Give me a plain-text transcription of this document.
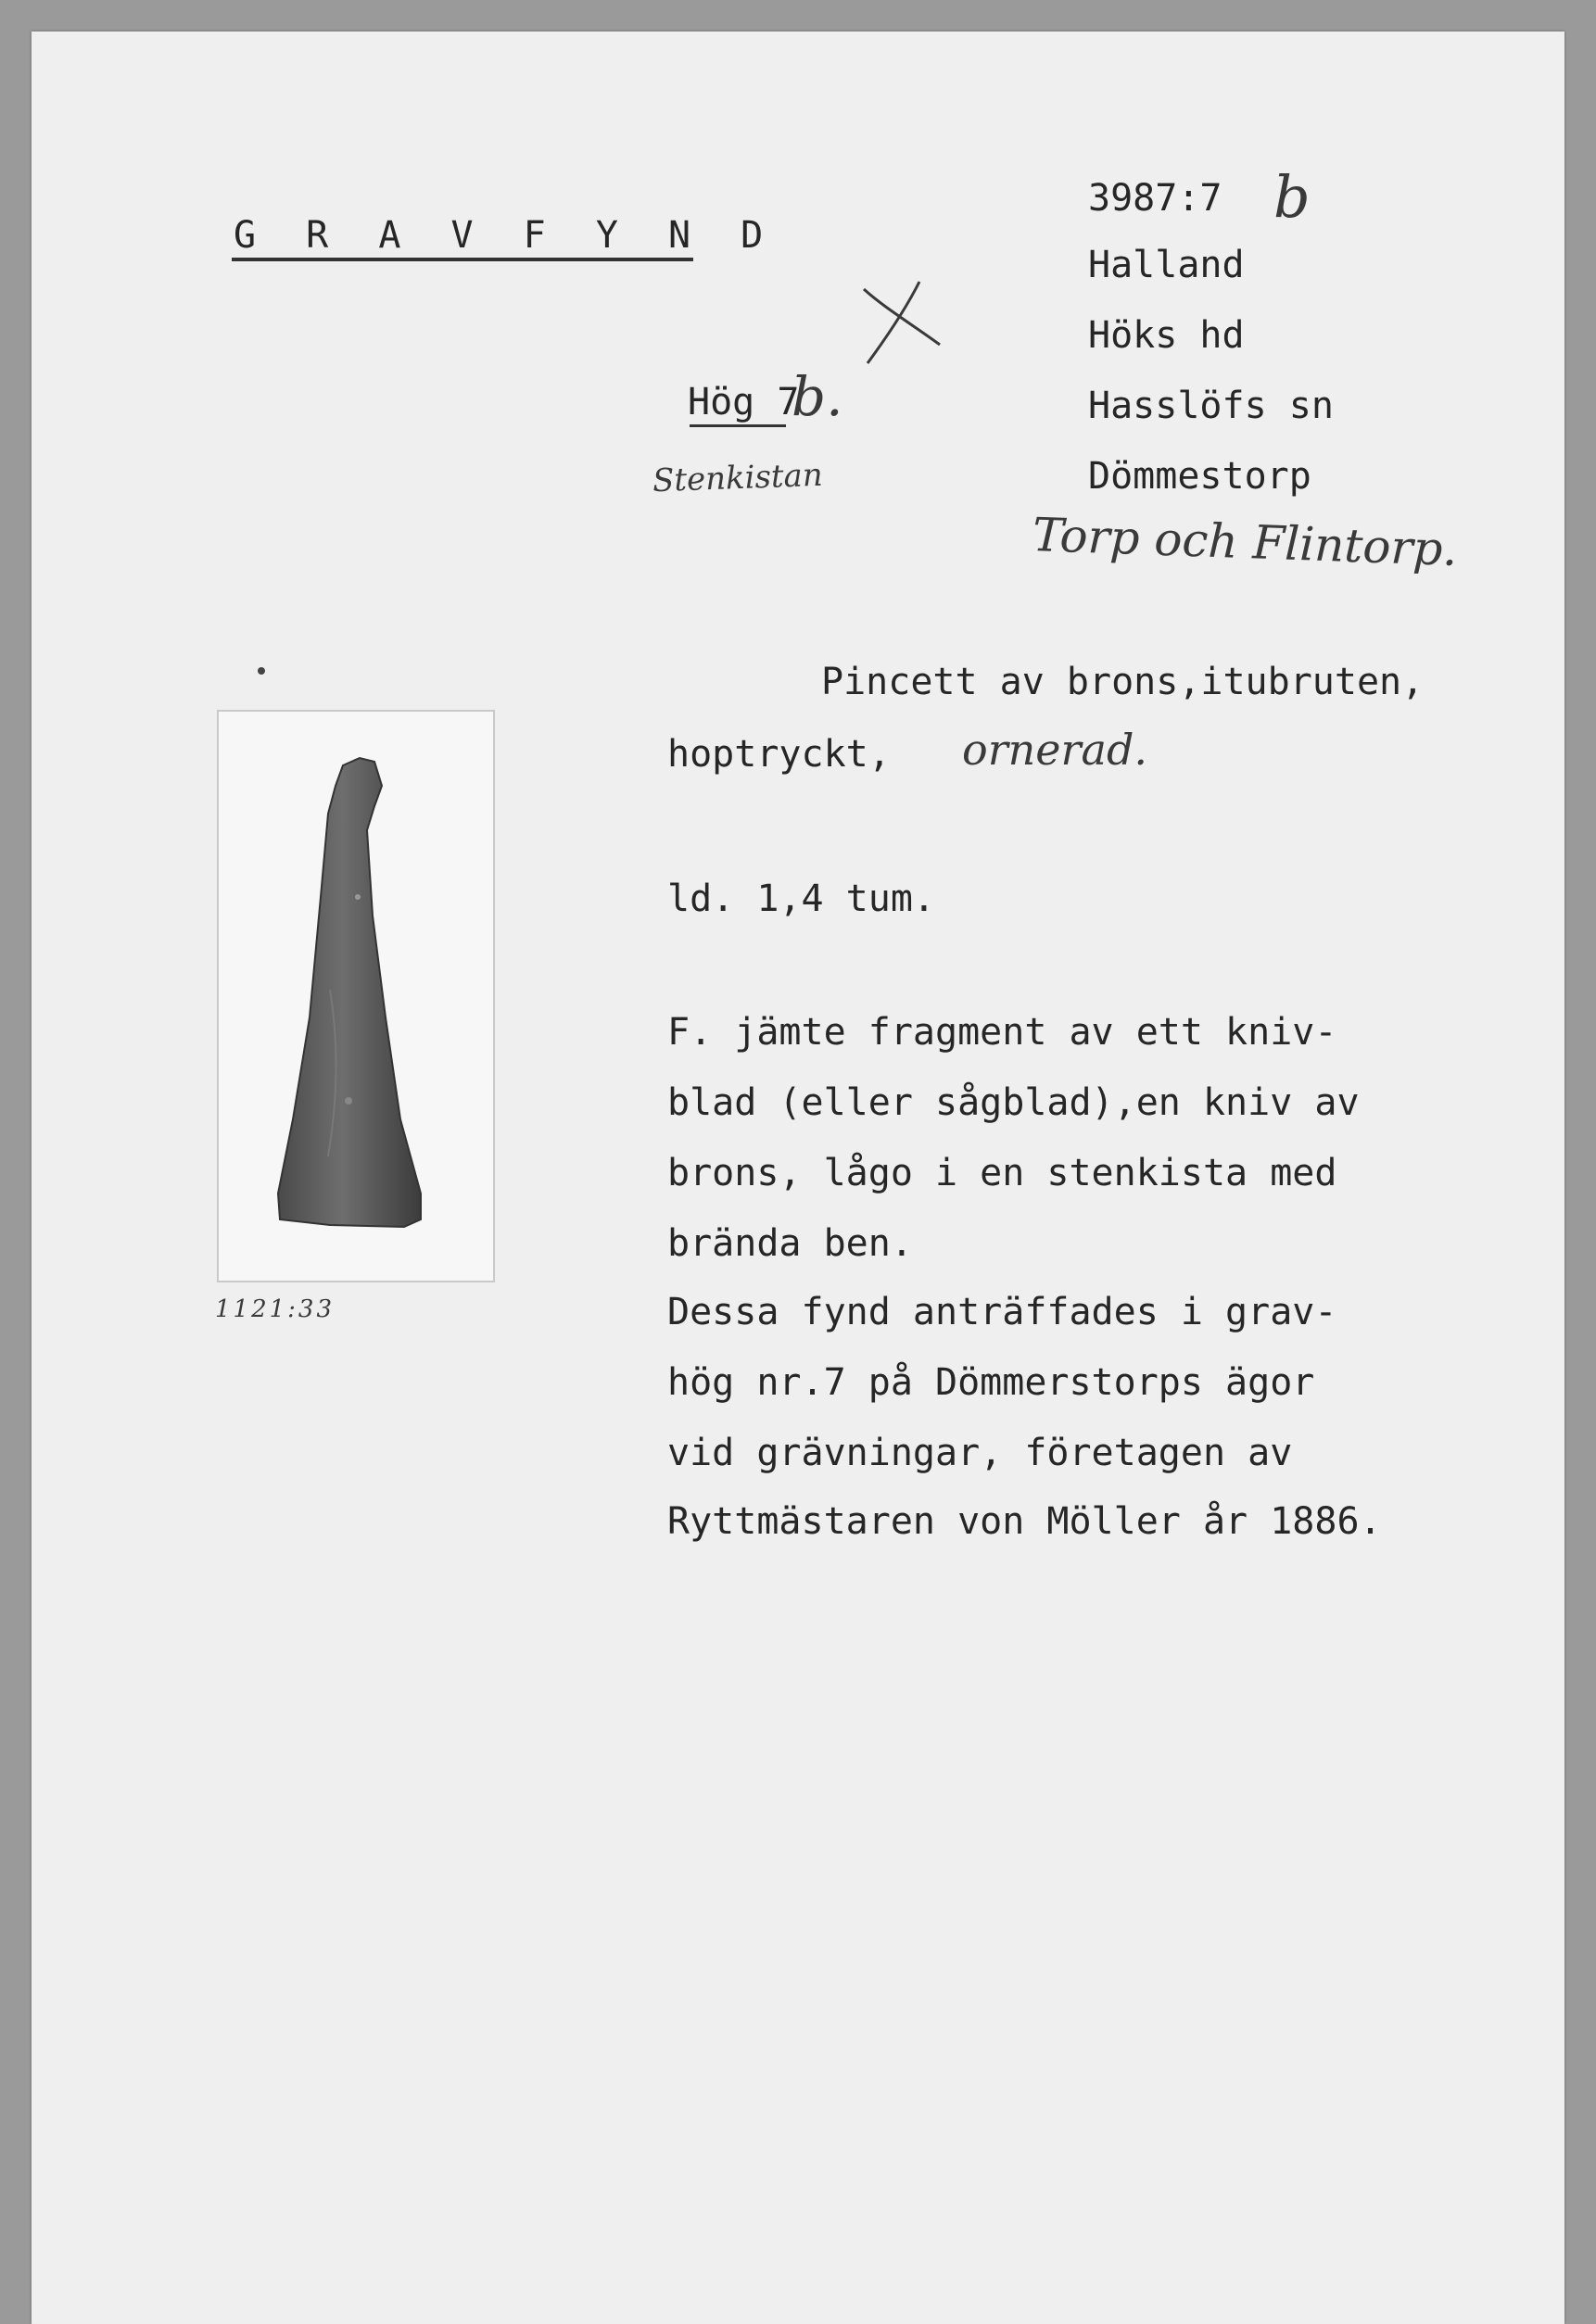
G R A V F Y N D
Hög 7
b.
Stenkistan
3987:7 b
Halland
Höks hd
Hasslöfs sn
Dömmestorp
Torp och Flintorp.
Pincett av brons,itubruten,
hoptryckt, ornerad.
ld. 1,4 tum.
F. jämte fragment av ett kniv-
blad (eller sågblad),en kniv av
brons, lågo i en stenkista med
brända ben.
Dessa fynd anträffades i grav-
hög nr.7 på Dömmerstorps ägor
vid grävningar, företagen av
Ryttmästaren von Möller år 1886.
1121:33
